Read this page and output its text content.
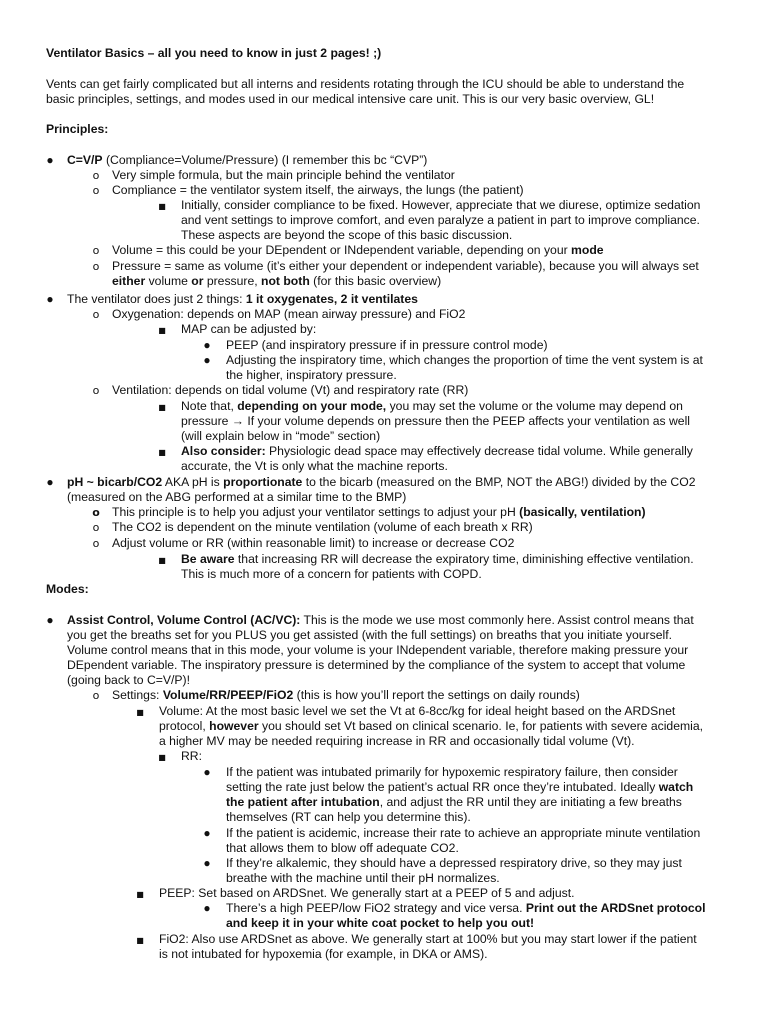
Ventilator Basics – all you need to know in just 2 pages! ;)
Vents can get fairly complicated but all interns and residents rotating through the ICU should be able to understand the
basic principles, settings, and modes used in our medical intensive care unit. This is our very basic overview, GL!
Principles:
● C=V/P (Compliance=Volume/Pressure) (I remember this bc “CVP”)
o Very simple formula, but the main principle behind the ventilator
o Compliance = the ventilator system itself, the airways, the lungs (the patient)
■ Initially, consider compliance to be fixed. However, appreciate that we diurese, optimize sedation
and vent settings to improve comfort, and even paralyze a patient in part to improve compliance.
These aspects are beyond the scope of this basic discussion.
o Volume = this could be your DEpendent or INdependent variable, depending on your mode
o Pressure = same as volume (it’s either your dependent or independent variable), because you will always set
either volume or pressure, not both (for this basic overview)
● The ventilator does just 2 things: 1 it oxygenates, 2 it ventilates
o Oxygenation: depends on MAP (mean airway pressure) and FiO2
■ MAP can be adjusted by:
● PEEP (and inspiratory pressure if in pressure control mode)
● Adjusting the inspiratory time, which changes the proportion of time the vent system is at
the higher, inspiratory pressure.
o Ventilation: depends on tidal volume (Vt) and respiratory rate (RR)
■ Note that, depending on your mode, you may set the volume or the volume may depend on
pressure → If your volume depends on pressure then the PEEP affects your ventilation as well
(will explain below in “mode” section)
■ Also consider: Physiologic dead space may effectively decrease tidal volume. While generally
accurate, the Vt is only what the machine reports.
● pH ~ bicarb/CO2 AKA pH is proportionate to the bicarb (measured on the BMP, NOT the ABG!) divided by the CO2
(measured on the ABG performed at a similar time to the BMP)
o This principle is to help you adjust your ventilator settings to adjust your pH (basically, ventilation)
o The CO2 is dependent on the minute ventilation (volume of each breath x RR)
o Adjust volume or RR (within reasonable limit) to increase or decrease CO2
■ Be aware that increasing RR will decrease the expiratory time, diminishing effective ventilation.
This is much more of a concern for patients with COPD.
Modes:
● Assist Control, Volume Control (AC/VC): This is the mode we use most commonly here. Assist control means that
you get the breaths set for you PLUS you get assisted (with the full settings) on breaths that you initiate yourself.
Volume control means that in this mode, your volume is your INdependent variable, therefore making pressure your
DEpendent variable. The inspiratory pressure is determined by the compliance of the system to accept that volume
(going back to C=V/P)!
o Settings: Volume/RR/PEEP/FiO2 (this is how you’ll report the settings on daily rounds)
■ Volume: At the most basic level we set the Vt at 6-8cc/kg for ideal height based on the ARDSnet
protocol, however you should set Vt based on clinical scenario. Ie, for patients with severe acidemia,
a higher MV may be needed requiring increase in RR and occasionally tidal volume (Vt).
■ RR:
● If the patient was intubated primarily for hypoxemic respiratory failure, then consider
setting the rate just below the patient’s actual RR once they’re intubated. Ideally watch
the patient after intubation, and adjust the RR until they are initiating a few breaths
themselves (RT can help you determine this).
● If the patient is acidemic, increase their rate to achieve an appropriate minute ventilation
that allows them to blow off adequate CO2.
● If they’re alkalemic, they should have a depressed respiratory drive, so they may just
breathe with the machine until their pH normalizes.
■ PEEP: Set based on ARDSnet. We generally start at a PEEP of 5 and adjust.
● There’s a high PEEP/low FiO2 strategy and vice versa. Print out the ARDSnet protocol
and keep it in your white coat pocket to help you out!
■ FiO2: Also use ARDSnet as above. We generally start at 100% but you may start lower if the patient
is not intubated for hypoxemia (for example, in DKA or AMS).
